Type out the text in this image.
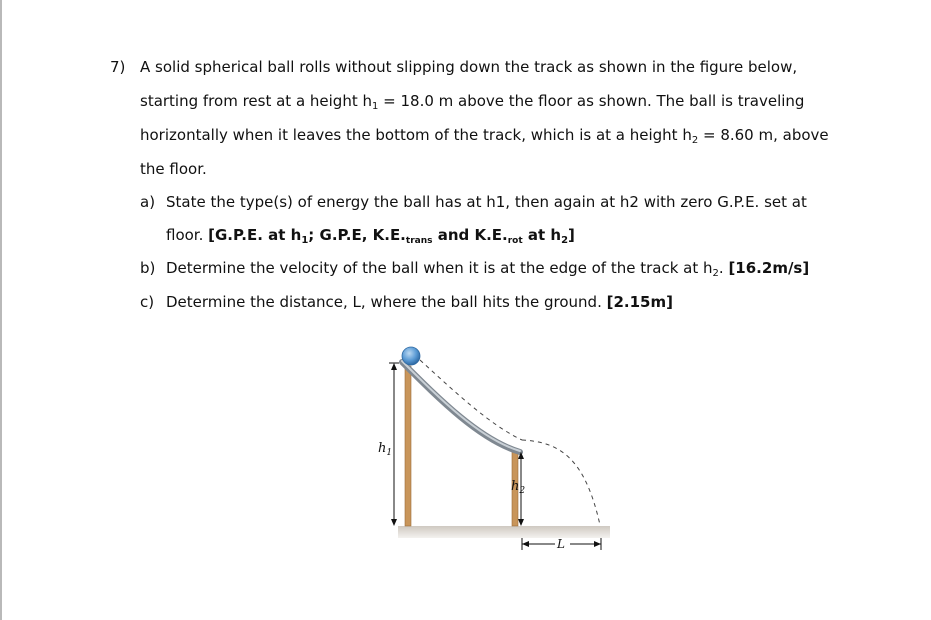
7) A solid spherical ball rolls without slipping down the track as shown in the figure below,
starting from rest at a height $h_1 = 18.0$ m above the floor as shown. The ball is traveling
horizontally when it leaves the bottom of the track, which is at a height $h_2 = 8.60$ m, above
the floor.
a) State the type(s) of energy the ball has at h1, then again at h2 with zero G.P.E. set at
floor. [G.P.E. at $h_1$; G.P.E, $K.E._{trans}$ and $K.E._{rot}$ at $h_2$]
b) Determine the velocity of the ball when it is at the edge of the track at $h_2$. [16.2m/s]
c) Determine the distance, L, where the ball hits the ground. [2.15m]
$h_1$
$h_2$
L
